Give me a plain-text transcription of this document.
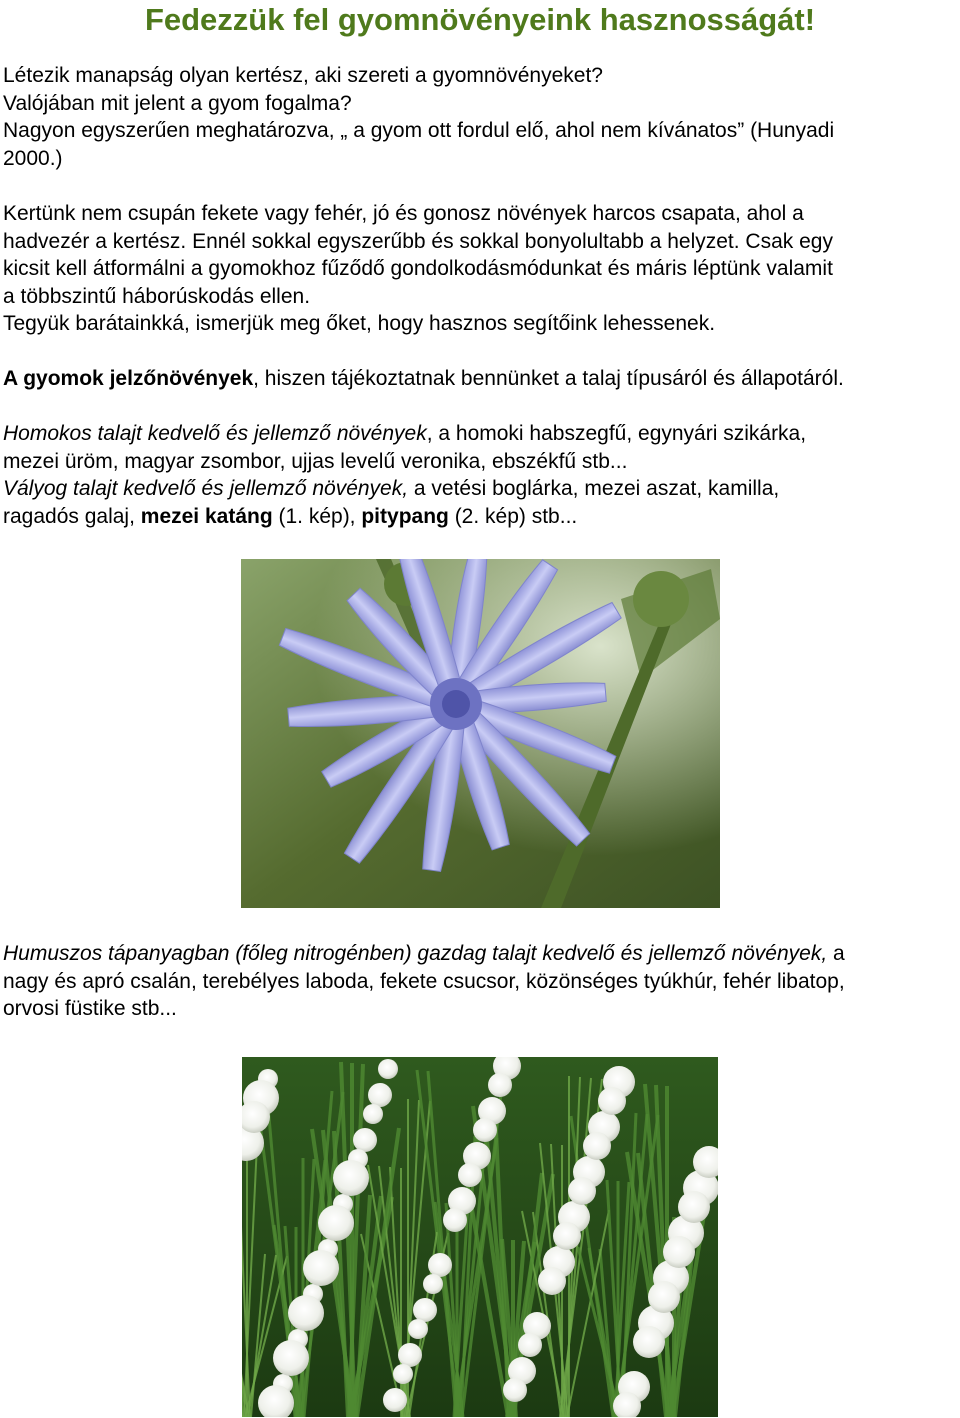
Fedezzük fel gyomnövényeink hasznosságát!

Létezik manapság olyan kertész, aki szereti a gyomnövényeket?

Valójában mit jelent a gyom fogalma?

Nagyon egyszerűen meghatározva, „ a gyom ott fordul elő, ahol nem kívánatos” (Hunyadi

2000.)

Kertünk nem csupán fekete vagy fehér, jó és gonosz növények harcos csapata, ahol a

hadvezér a kertész. Ennél sokkal egyszerűbb és sokkal bonyolultabb a helyzet. Csak egy

kicsit kell átformálni a gyomokhoz fűződő gondolkodásmódunkat és máris léptünk valamit

a többszintű háborúskodás ellen.

Tegyük barátainkká, ismerjük meg őket, hogy hasznos segítőink lehessenek.

A gyomok jelzőnövények, hiszen tájékoztatnak bennünket a talaj típusáról és állapotáról.

Homokos talajt kedvelő és jellemző növények, a homoki habszegfű, egynyári szikárka,

mezei üröm, magyar zsombor, ujjas levelű veronika, ebszékfű stb...

Vályog talajt kedvelő és jellemző növények, a vetési boglárka, mezei aszat, kamilla,

ragadós galaj, mezei katáng (1. kép), pitypang (2. kép) stb...

Humuszos tápanyagban (főleg nitrogénben) gazdag talajt kedvelő és jellemző növények, a

nagy és apró csalán, terebélyes laboda, fekete csucsor, közönséges tyúkhúr, fehér libatop,

orvosi füstike stb...
